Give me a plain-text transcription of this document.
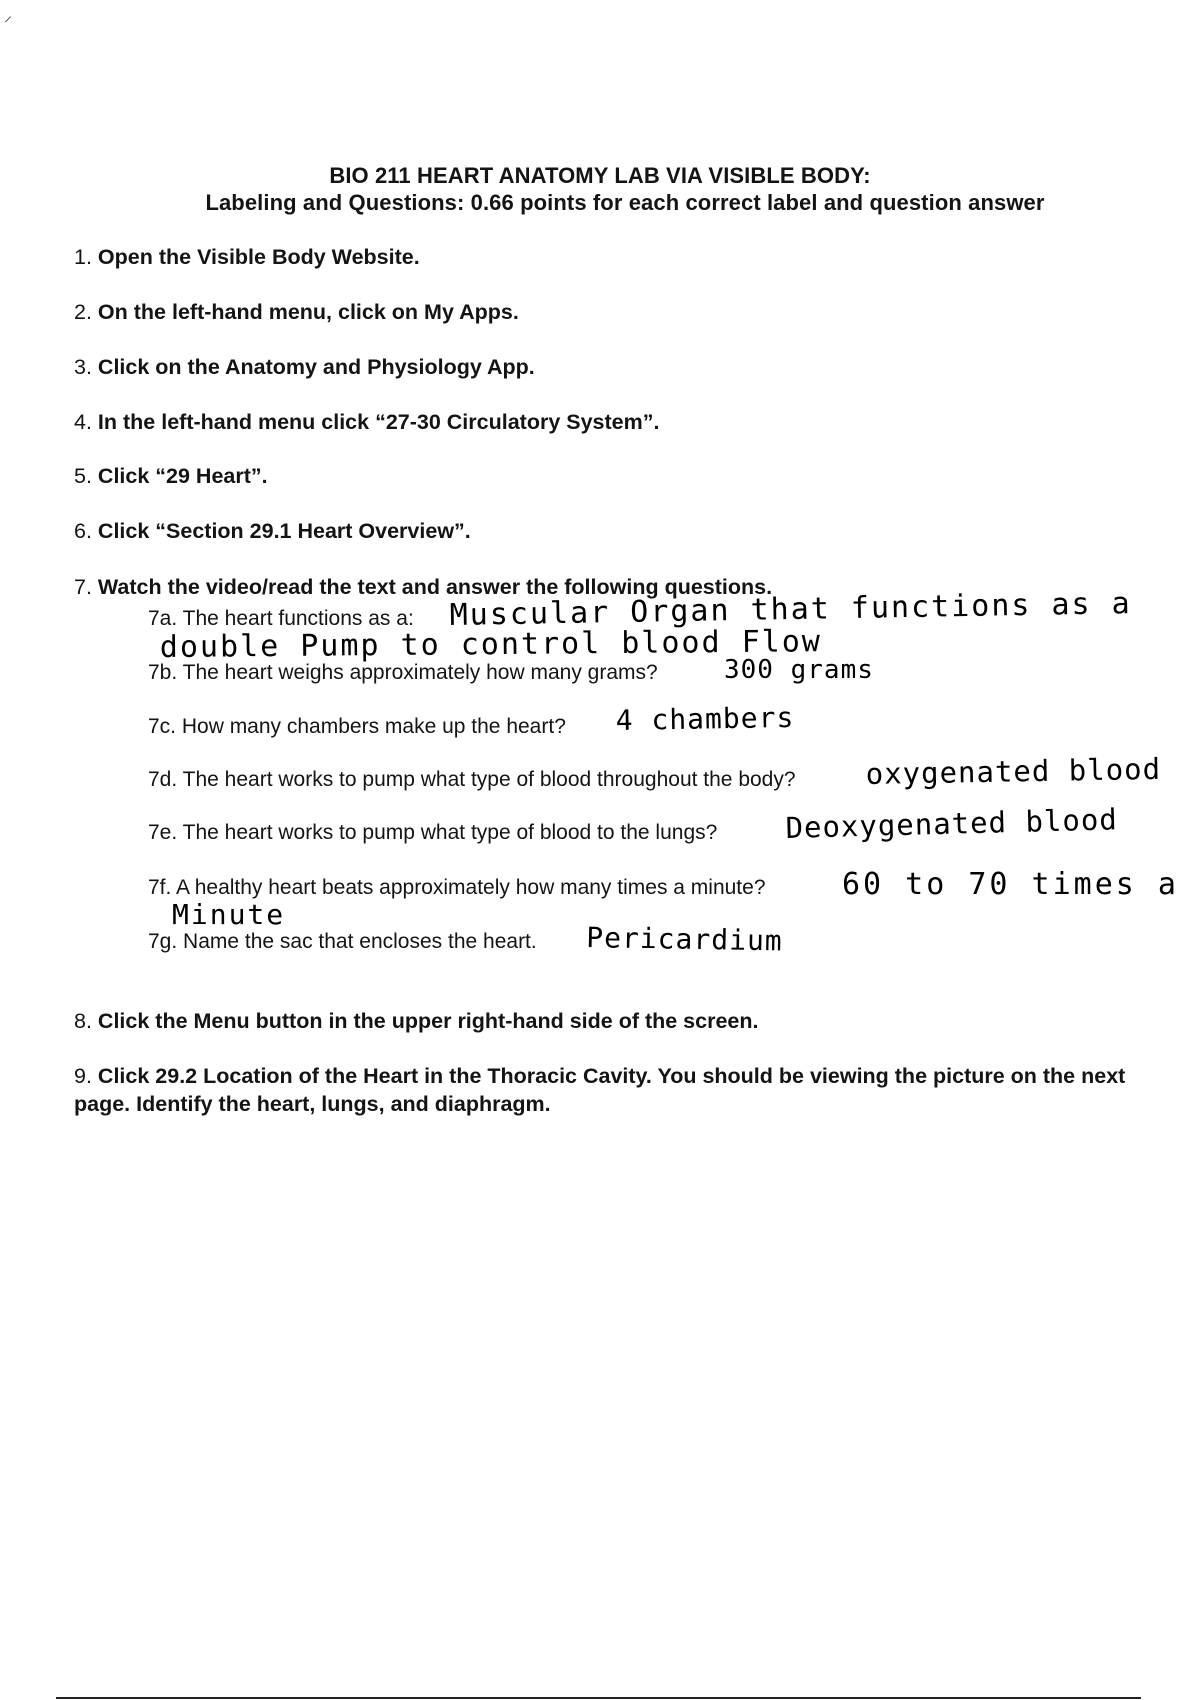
⸝
BIO 211 HEART ANATOMY LAB VIA VISIBLE BODY:
Labeling and Questions: 0.66 points for each correct label and question answer
1. Open the Visible Body Website.
2. On the left-hand menu, click on My Apps.
3. Click on the Anatomy and Physiology App.
4. In the left-hand menu click “27-30 Circulatory System”.
5. Click “29 Heart”.
6. Click “Section 29.1 Heart Overview”.
7. Watch the video/read the text and answer the following questions.
7a. The heart functions as a: Muscular Organ that functions as a
double Pump to control blood Flow
7b. The heart weighs approximately how many grams?	300 grams
7c. How many chambers make up the heart? 4 chambers
7d. The heart works to pump what type of blood throughout the body? oxygenated blood
7e. The heart works to pump what type of blood to the lungs? Deoxygenated blood
7f. A healthy heart beats approximately how many times a minute?	60 to 70 times a
Minute
7g. Name the sac that encloses the heart. Pericardium
8. Click the Menu button in the upper right-hand side of the screen.
9. Click 29.2 Location of the Heart in the Thoracic Cavity. You should be viewing the picture on the next page. Identify the heart, lungs, and diaphragm.
